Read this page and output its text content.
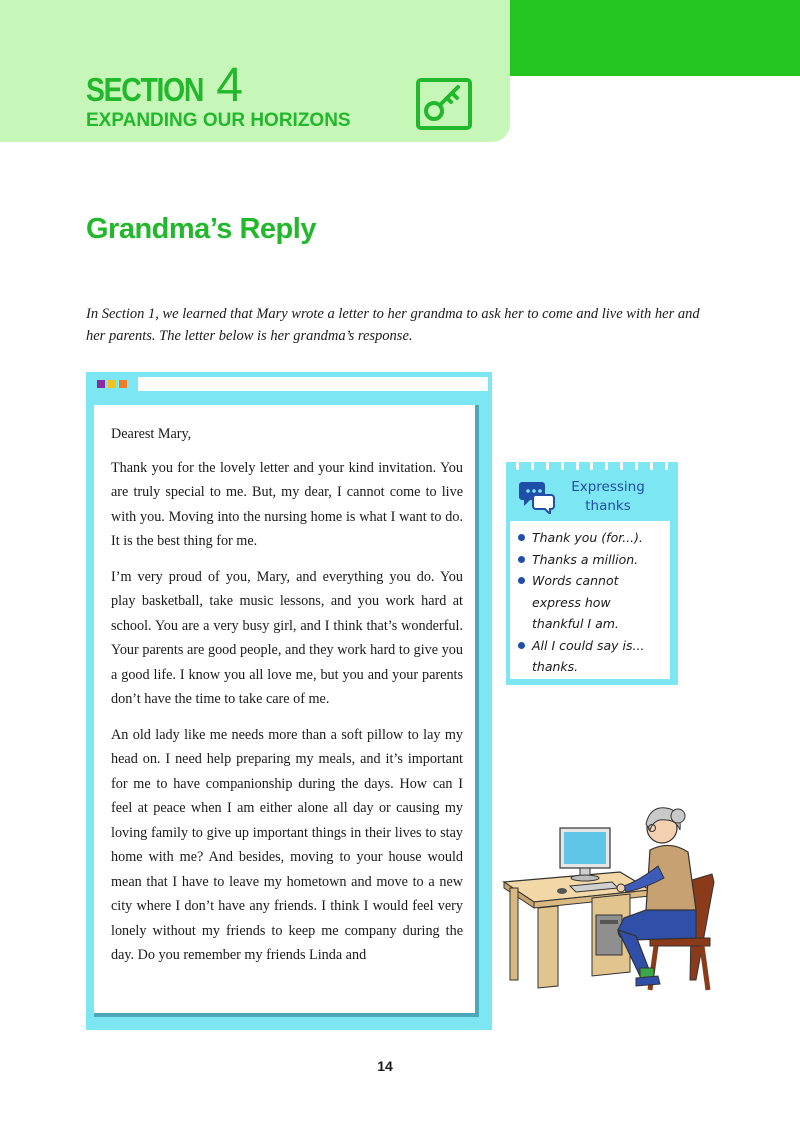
SECTION 4
EXPANDING OUR HORIZONS
Grandma’s Reply

In Section 1, we learned that Mary wrote a letter to her grandma to ask her to come and live with her and her parents. The letter below is her grandma’s response.

Dearest Mary,

Thank you for the lovely letter and your kind invitation. You are truly special to me. But, my dear, I cannot come to live with you. Moving into the nursing home is what I want to do. It is the best thing for me.

I’m very proud of you, Mary, and everything you do. You play basketball, take music lessons, and you work hard at school. You are a very busy girl, and I think that’s wonderful. Your parents are good people, and they work hard to give you a good life. I know you all love me, but you and your parents don’t have the time to take care of me.

An old lady like me needs more than a soft pillow to lay my head on. I need help preparing my meals, and it’s important for me to have companionship during the days. How can I feel at peace when I am either alone all day or causing my loving family to give up important things in their lives to stay home with me? And besides, moving to your house would mean that I have to leave my hometown and move to a new city where I don’t have any friends. I think I would feel very lonely without my friends to keep me company during the day. Do you remember my friends Linda and

Expressing
thanks
Thank you (for...).
Thanks a million.
Words cannot express how thankful I am.
All I could say is... thanks.
14
